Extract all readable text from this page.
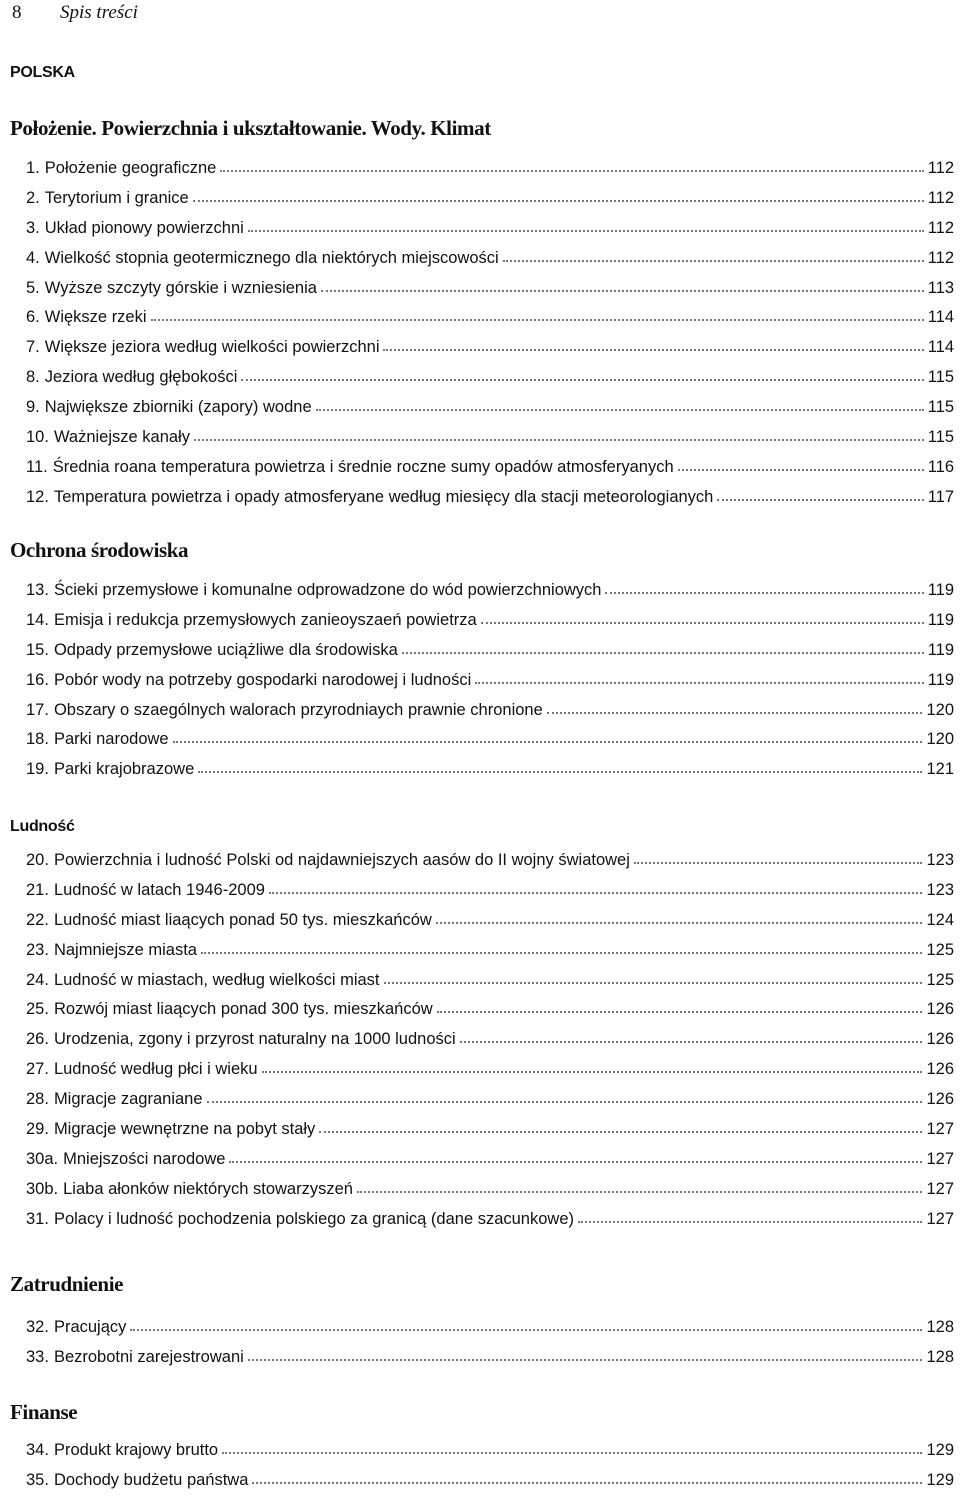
8	Spis treści
POLSKA
Położenie. Powierzchnia i ukształtowanie. Wody. Klimat
1. Położenie geograficzne	112
2. Terytorium i granice	112
3. Układ pionowy powierzchni	112
4. Wielkość stopnia geotermicznego dla niektórych miejscowości	112
5. Wyższe szczyty górskie i wzniesienia	113
6. Większe rzeki	114
7. Większe jeziora według wielkości powierzchni	114
8. Jeziora według głębokości	115
9. Największe zbiorniki (zapory) wodne	115
10. Ważniejsze kanały	115
11. Średnia roana temperatura powietrza i średnie roczne sumy opadów atmosferyanych	116
12. Temperatura powietrza i opady atmosferyane według miesięcy dla stacji meteorologianych	117
Ochrona środowiska
13. Ścieki przemysłowe i komunalne odprowadzone do wód powierzchniowych	119
14. Emisja i redukcja przemysłowych zanieoyszaeń powietrza	119
15. Odpady przemysłowe uciążliwe dla środowiska	119
16. Pobór wody na potrzeby gospodarki narodowej i ludności	119
17. Obszary o szaególnych walorach przyrodniaych prawnie chronione	120
18. Parki narodowe	120
19. Parki krajobrazowe	121
Ludność
20. Powierzchnia i ludność Polski od najdawniejszych aasów do II wojny światowej	123
21. Ludność w latach 1946-2009	123
22. Ludność miast liaących ponad 50 tys. mieszkańców	124
23. Najmniejsze miasta	125
24. Ludność w miastach, według wielkości miast	125
25. Rozwój miast liaących ponad 300 tys. mieszkańców	126
26. Urodzenia, zgony i przyrost naturalny na 1000 ludności	126
27. Ludność według płci i wieku	126
28. Migracje zagraniane	126
29. Migracje wewnętrzne na pobyt stały	127
30a. Mniejszości narodowe	127
30b. Liaba ałonków niektórych stowarzyszeń	127
31. Polacy i ludność pochodzenia polskiego za granicą (dane szacunkowe)	127
Zatrudnienie
32. Pracujący	128
33. Bezrobotni zarejestrowani	128
Finanse
34. Produkt krajowy brutto	129
35. Dochody budżetu państwa	129
